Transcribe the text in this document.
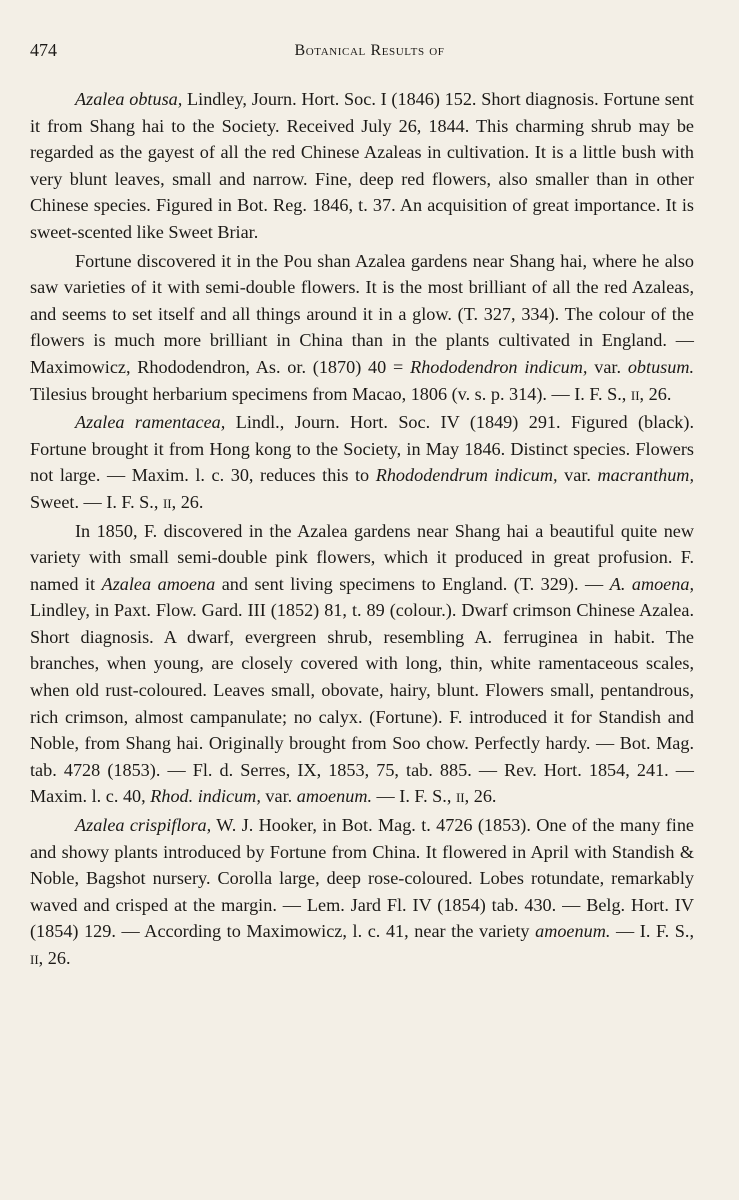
474	Botanical Results of

Azalea obtusa, Lindley, Journ. Hort. Soc. I (1846) 152. Short diagnosis. Fortune sent it from Shang hai to the Society. Received July 26, 1844. This charming shrub may be regarded as the gayest of all the red Chinese Azaleas in cultivation. It is a little bush with very blunt leaves, small and narrow. Fine, deep red flowers, also smaller than in other Chinese species. Figured in Bot. Reg. 1846, t. 37. An acquisition of great importance. It is sweet-scented like Sweet Briar.

Fortune discovered it in the Pou shan Azalea gardens near Shang hai, where he also saw varieties of it with semi-double flowers. It is the most brilliant of all the red Azaleas, and seems to set itself and all things around it in a glow. (T. 327, 334). The colour of the flowers is much more brilliant in China than in the plants cultivated in England. — Maximowicz, Rhododendron, As. or. (1870) 40 = Rhododendron indicum, var. obtusum. Tilesius brought herbarium specimens from Macao, 1806 (v. s. p. 314). — I. F. S., ii, 26.

Azalea ramentacea, Lindl., Journ. Hort. Soc. IV (1849) 291. Figured (black). Fortune brought it from Hong kong to the Society, in May 1846. Distinct species. Flowers not large. — Maxim. l. c. 30, reduces this to Rhododendrum indicum, var. macranthum, Sweet. — I. F. S., ii, 26.

In 1850, F. discovered in the Azalea gardens near Shang hai a beautiful quite new variety with small semi-double pink flowers, which it produced in great profusion. F. named it Azalea amoena and sent living specimens to England. (T. 329). — A. amoena, Lindley, in Paxt. Flow. Gard. III (1852) 81, t. 89 (colour.). Dwarf crimson Chinese Azalea. Short diagnosis. A dwarf, evergreen shrub, resembling A. ferruginea in habit. The branches, when young, are closely covered with long, thin, white ramentaceous scales, when old rust-coloured. Leaves small, obovate, hairy, blunt. Flowers small, pentandrous, rich crimson, almost campanulate; no calyx. (Fortune). F. introduced it for Standish and Noble, from Shang hai. Originally brought from Soo chow. Perfectly hardy. — Bot. Mag. tab. 4728 (1853). — Fl. d. Serres, IX, 1853, 75, tab. 885. — Rev. Hort. 1854, 241. — Maxim. l. c. 40, Rhod. indicum, var. amoenum. — I. F. S., ii, 26.

Azalea crispiflora, W. J. Hooker, in Bot. Mag. t. 4726 (1853). One of the many fine and showy plants introduced by Fortune from China. It flowered in April with Standish & Noble, Bagshot nursery. Corolla large, deep rose-coloured. Lobes rotundate, remarkably waved and crisped at the margin. — Lem. Jard Fl. IV (1854) tab. 430. — Belg. Hort. IV (1854) 129. — According to Maximowicz, l. c. 41, near the variety amoenum. — I. F. S., ii, 26.
